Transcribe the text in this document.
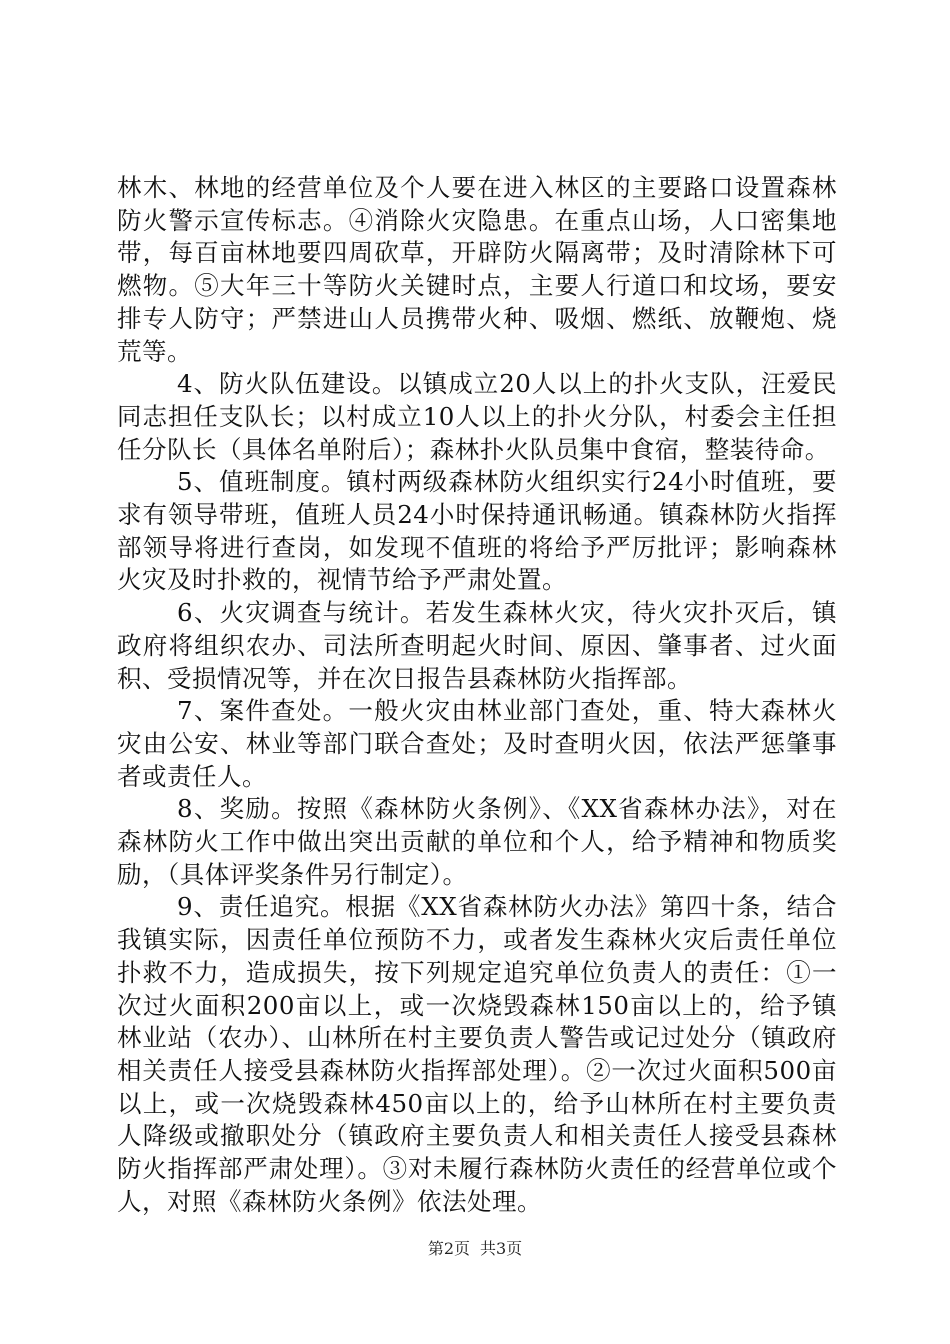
林木、林地的经营单位及个人要在进入林区的主要路口设置森林防火警示宣传标志。④消除火灾隐患。在重点山场，人口密集地带，每百亩林地要四周砍草，开辟防火隔离带；及时清除林下可燃物。⑤大年三十等防火关键时点，主要人行道口和坟场，要安排专人防守；严禁进山人员携带火种、吸烟、燃纸、放鞭炮、烧荒等。

4、防火队伍建设。以镇成立20人以上的扑火支队，汪爱民同志担任支队长；以村成立10人以上的扑火分队，村委会主任担任分队长（具体名单附后）；森林扑火队员集中食宿，整装待命。

5、值班制度。镇村两级森林防火组织实行24小时值班，要求有领导带班，值班人员24小时保持通讯畅通。镇森林防火指挥部领导将进行查岗，如发现不值班的将给予严厉批评；影响森林火灾及时扑救的，视情节给予严肃处置。

6、火灾调查与统计。若发生森林火灾，待火灾扑灭后，镇政府将组织农办、司法所查明起火时间、原因、肇事者、过火面积、受损情况等，并在次日报告县森林防火指挥部。

7、案件查处。一般火灾由林业部门查处，重、特大森林火灾由公安、林业等部门联合查处；及时查明火因，依法严惩肇事者或责任人。

8、奖励。按照《森林防火条例》、《XX省森林办法》，对在森林防火工作中做出突出贡献的单位和个人，给予精神和物质奖励，（具体评奖条件另行制定）。

9、责任追究。根据《XX省森林防火办法》第四十条，结合我镇实际，因责任单位预防不力，或者发生森林火灾后责任单位扑救不力，造成损失，按下列规定追究单位负责人的责任：①一次过火面积200亩以上，或一次烧毁森林150亩以上的，给予镇林业站（农办）、山林所在村主要负责人警告或记过处分（镇政府相关责任人接受县森林防火指挥部处理）。②一次过火面积500亩以上，或一次烧毁森林450亩以上的，给予山林所在村主要负责人降级或撤职处分（镇政府主要负责人和相关责任人接受县森林防火指挥部严肃处理）。③对未履行森林防火责任的经营单位或个人，对照《森林防火条例》依法处理。

第2页 共3页
